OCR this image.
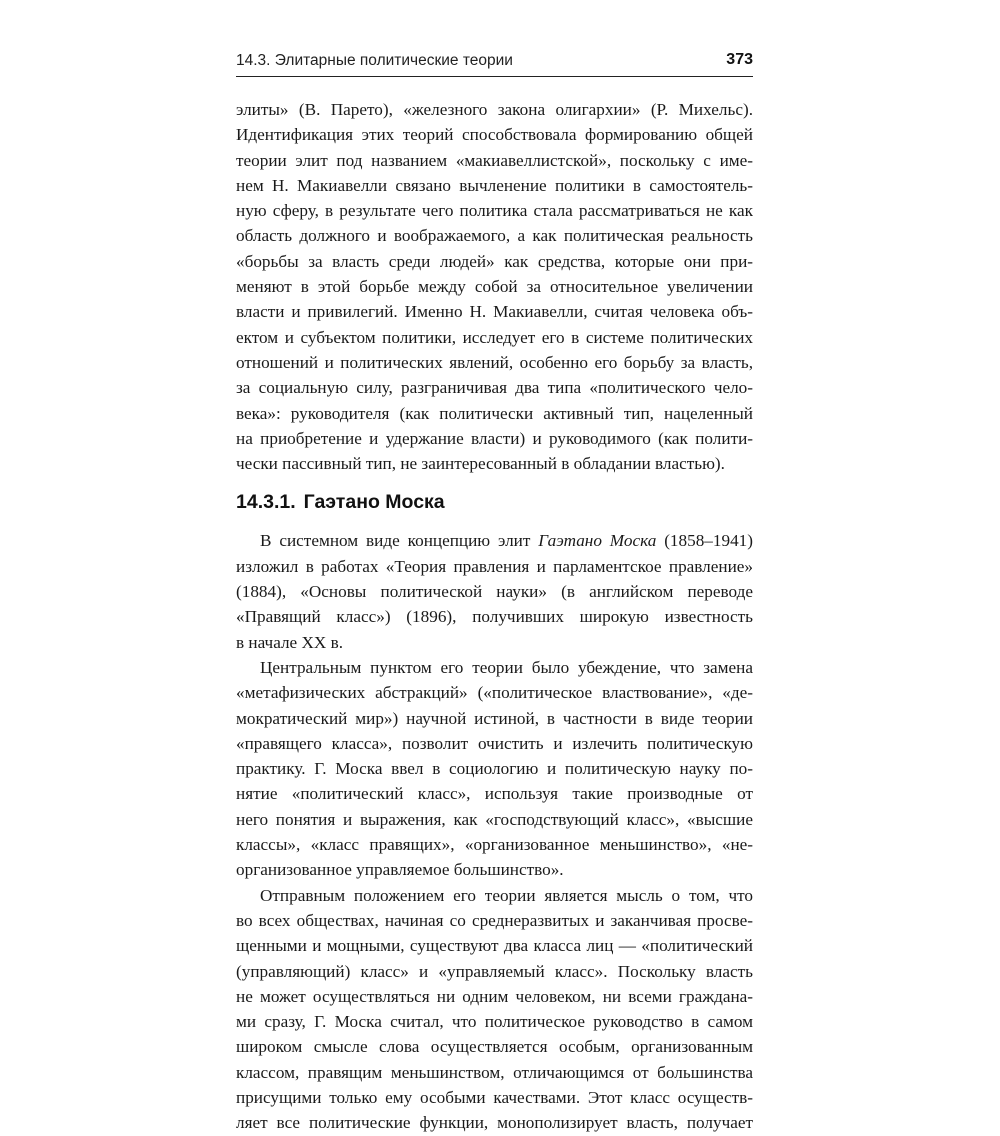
14.3. Элитарные политические теории	373
элиты» (В. Парето), «железного закона олигархии» (Р. Михельс).
Идентификация этих теорий способствовала формированию общей
теории элит под названием «макиавеллистской», поскольку с име-
нем Н. Макиавелли связано вычленение политики в самостоятель-
ную сферу, в результате чего политика стала рассматриваться не как
область должного и воображаемого, а как политическая реальность
«борьбы за власть среди людей» как средства, которые они при-
меняют в этой борьбе между собой за относительное увеличении
власти и привилегий. Именно Н. Макиавелли, считая человека объ-
ектом и субъектом политики, исследует его в системе политических
отношений и политических явлений, особенно его борьбу за власть,
за социальную силу, разграничивая два типа «политического чело-
века»: руководителя (как политически активный тип, нацеленный
на приобретение и удержание власти) и руководимого (как полити-
чески пассивный тип, не заинтересованный в обладании властью).
14.3.1. Гаэтано Моска
В системном виде концепцию элит Гаэтано Моска (1858–1941)
изложил в работах «Теория правления и парламентское правление»
(1884), «Основы политической науки» (в английском переводе
«Правящий класс») (1896), получивших широкую известность
в начале XX в.
Центральным пунктом его теории было убеждение, что замена
«метафизических абстракций» («политическое властвование», «де-
мократический мир») научной истиной, в частности в виде теории
«правящего класса», позволит очистить и излечить политическую
практику. Г. Моска ввел в социологию и политическую науку по-
нятие «политический класс», используя такие производные от
него понятия и выражения, как «господствующий класс», «высшие
классы», «класс правящих», «организованное меньшинство», «не-
организованное управляемое большинство».
Отправным положением его теории является мысль о том, что
во всех обществах, начиная со среднеразвитых и заканчивая просве-
щенными и мощными, существуют два класса лиц — «политический
(управляющий) класс» и «управляемый класс». Поскольку власть
не может осуществляться ни одним человеком, ни всеми граждана-
ми сразу, Г. Моска считал, что политическое руководство в самом
широком смысле слова осуществляется особым, организованным
классом, правящим меньшинством, отличающимся от большинства
присущими только ему особыми качествами. Этот класс осуществ-
ляет все политические функции, монополизирует власть, получает
